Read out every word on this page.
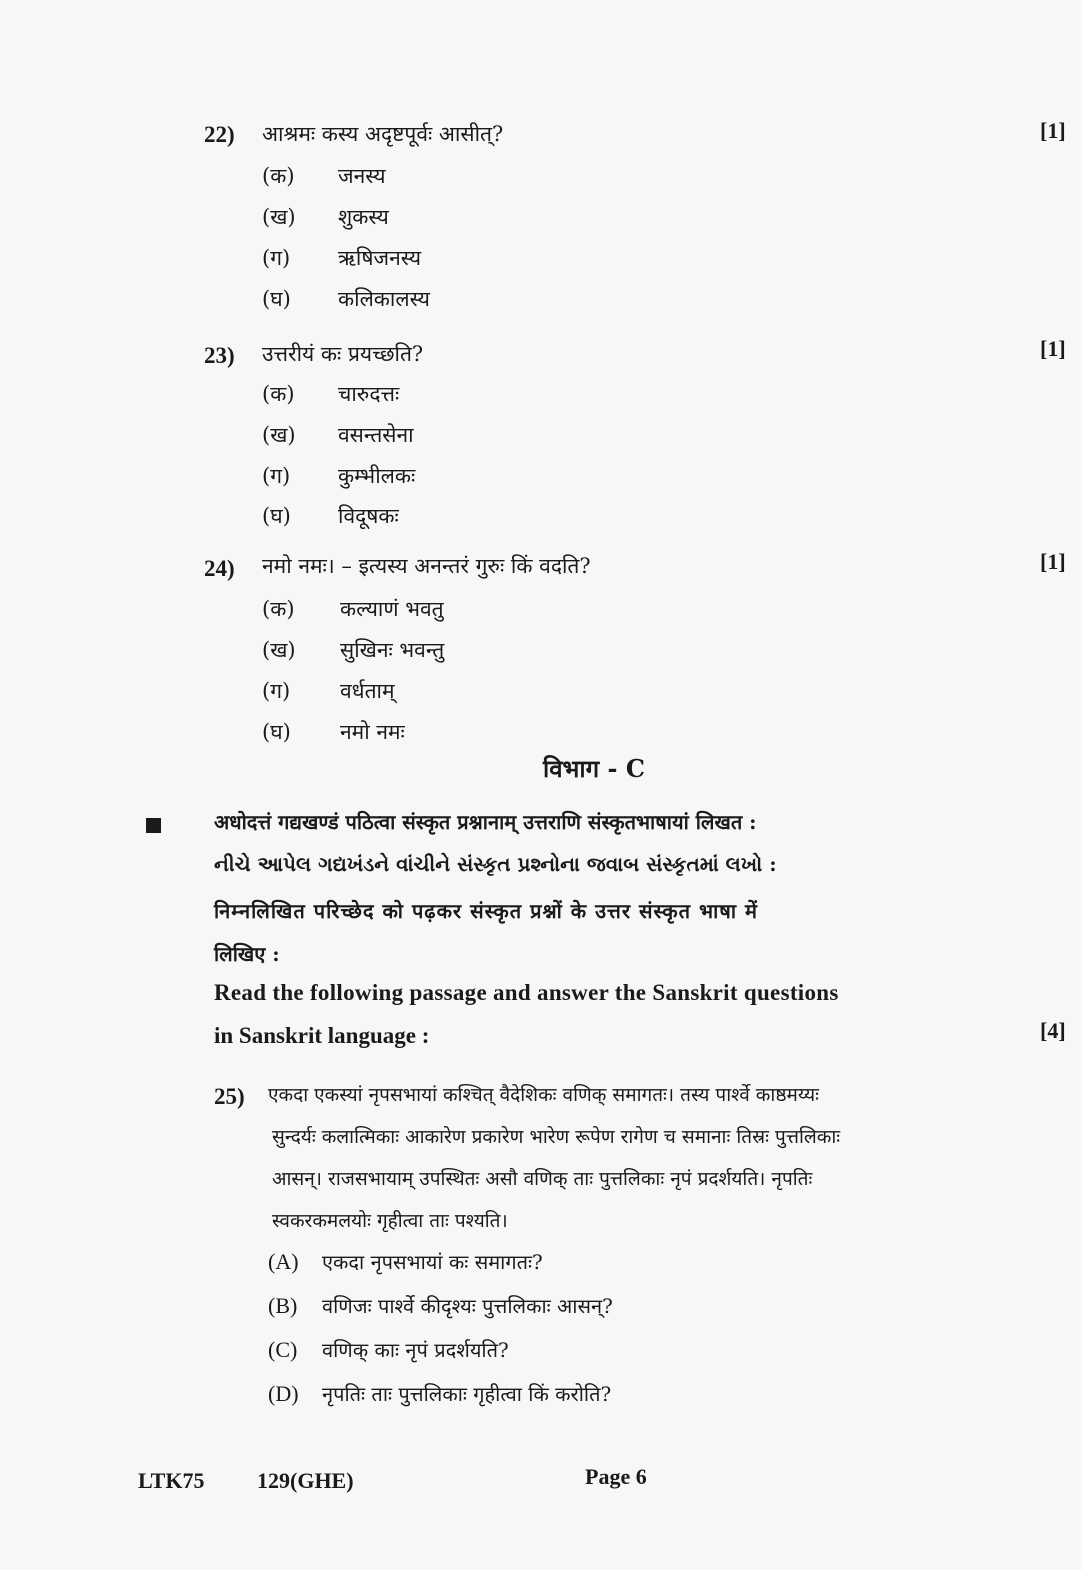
22) आश्रमः कस्य अदृष्टपूर्वः आसीत्?	[1]
(क) जनस्य
(ख) शुकस्य
(ग) ऋषिजनस्य
(घ) कलिकालस्य
23) उत्तरीयं कः प्रयच्छति?	[1]
(क) चारुदत्तः
(ख) वसन्तसेना
(ग) कुम्भीलकः
(घ) विदूषकः
24) नमो नमः। – इत्यस्य अनन्तरं गुरुः किं वदति?	[1]
(क) कल्याणं भवतु
(ख) सुखिनः भवन्तु
(ग) वर्धताम्
(घ) नमो नमः
विभाग - C
अधोदत्तं गद्यखण्डं पठित्वा संस्कृत प्रश्नानाम् उत्तराणि संस्कृतभाषायां लिखत :
નીચે આપેલ ગદ્યખંડને વાંચીને સંસ્કૃત પ્રશ્નોના જવાબ સંસ્કૃતમાં લખો :
निम्नलिखित परिच्छेद को पढ़कर संस्कृत प्रश्नों के उत्तर संस्कृत भाषा में
लिखिए :
Read the following passage and answer the Sanskrit questions
in Sanskrit language :	[4]
25) एकदा एकस्यां नृपसभायां कश्चित् वैदेशिकः वणिक् समागतः। तस्य पार्श्वे काष्ठमय्यः
सुन्दर्यः कलात्मिकाः आकारेण प्रकारेण भारेण रूपेण रागेण च समानाः तिस्रः पुत्तलिकाः
आसन्। राजसभायाम् उपस्थितः असौ वणिक् ताः पुत्तलिकाः नृपं प्रदर्शयति। नृपतिः
स्वकरकमलयोः गृहीत्वा ताः पश्यति।
(A) एकदा नृपसभायां कः समागतः?
(B) वणिजः पार्श्वे कीदृश्यः पुत्तलिकाः आसन्?
(C) वणिक् काः नृपं प्रदर्शयति?
(D) नृपतिः ताः पुत्तलिकाः गृहीत्वा किं करोति?
LTK75 129(GHE)	Page 6
